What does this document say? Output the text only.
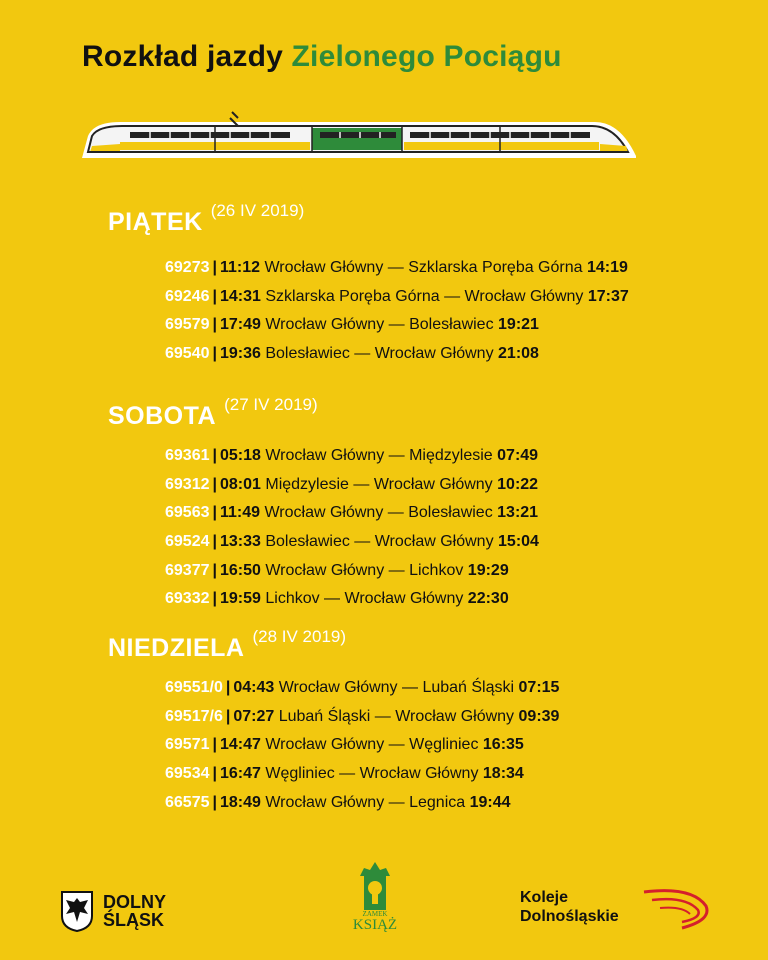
Rozkład jazdy Zielonego Pociągu
PIĄTEK (26 IV 2019)
69273 | 11:12 Wrocław Główny — Szklarska Poręba Górna 14:19
69246 | 14:31 Szklarska Poręba Górna — Wrocław Główny 17:37
69579 | 17:49 Wrocław Główny — Bolesławiec 19:21
69540 | 19:36 Bolesławiec — Wrocław Główny 21:08
SOBOTA (27 IV 2019)
69361 | 05:18 Wrocław Główny — Międzylesie 07:49
69312 | 08:01 Międzylesie — Wrocław Główny 10:22
69563 | 11:49 Wrocław Główny — Bolesławiec 13:21
69524 | 13:33 Bolesławiec — Wrocław Główny 15:04
69377 | 16:50 Wrocław Główny — Lichkov 19:29
69332 | 19:59 Lichkov — Wrocław Główny 22:30
NIEDZIELA (28 IV 2019)
69551/0 | 04:43 Wrocław Główny — Lubań Śląski 07:15
69517/6 | 07:27 Lubań Śląski — Wrocław Główny 09:39
69571 | 14:47 Wrocław Główny — Węgliniec 16:35
69534 | 16:47 Węgliniec — Wrocław Główny 18:34
66575 | 18:49 Wrocław Główny — Legnica 19:44
DOLNY
ŚLĄSK	ZAMEK
KSIĄŻ
Koleje
Dolnośląskie
